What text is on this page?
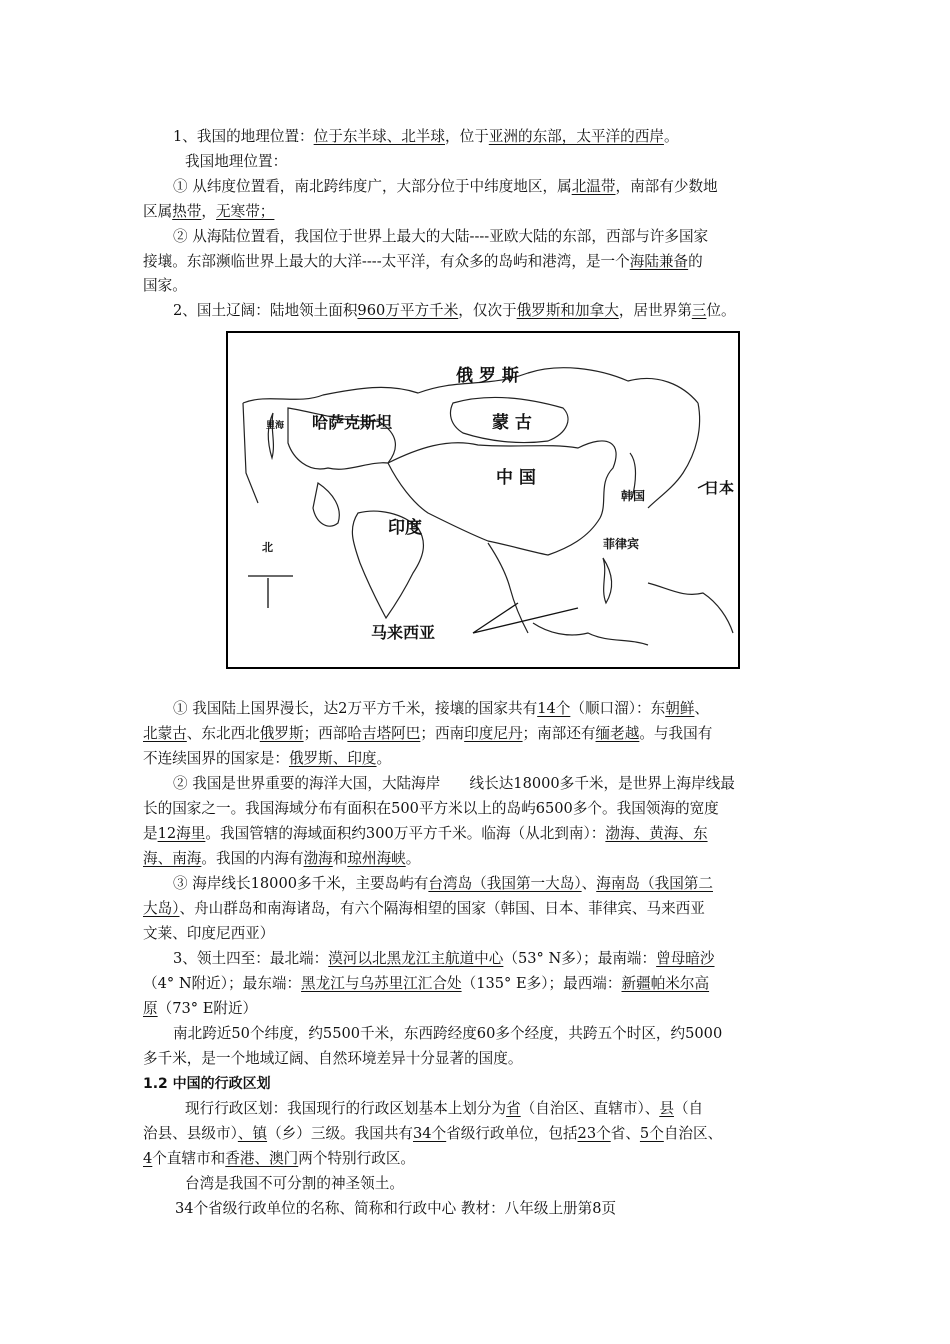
1、我国的地理位置：位于东半球、北半球，位于亚洲的东部，太平洋的西岸。
我国地理位置：
① 从纬度位置看，南北跨纬度广，大部分位于中纬度地区，属北温带，南部有少数地
区属热带，无寒带；
② 从海陆位置看，我国位于世界上最大的大陆----亚欧大陆的东部，西部与许多国家
接壤。东部濒临世界上最大的大洋----太平洋，有众多的岛屿和港湾，是一个海陆兼备的
国家。
2、国土辽阔：陆地领土面积960万平方千米，仅次于俄罗斯和加拿大，居世界第三位。
俄 罗 斯
哈萨克斯坦	蒙 古
中 国
里海
韩国	日本
印度
菲律宾
马来西亚
北
① 我国陆上国界漫长，达2万平方千米，接壤的国家共有14个（顺口溜）：东朝鲜、
北蒙古、东北西北俄罗斯；西部哈吉塔阿巴；西南印度尼丹；南部还有缅老越。与我国有
不连续国界的国家是：俄罗斯、印度。
② 我国是世界重要的海洋大国，大陆海岸　　线长达18000多千米，是世界上海岸线最
长的国家之一。我国海域分布有面积在500平方米以上的岛屿6500多个。我国领海的宽度
是12海里。我国管辖的海域面积约300万平方千米。临海（从北到南）：渤海、黄海、东
海、南海。我国的内海有渤海和琼州海峡。
③ 海岸线长18000多千米，主要岛屿有台湾岛（我国第一大岛）、海南岛（我国第二
大岛）、舟山群岛和南海诸岛，有六个隔海相望的国家（韩国、日本、菲律宾、马来西亚
文莱、印度尼西亚）
3、领土四至：最北端：漠河以北黑龙江主航道中心（53° N多）；最南端：曾母暗沙
（4° N附近）；最东端：黑龙江与乌苏里江汇合处（135° E多）；最西端：新疆帕米尔高
原（73° E附近）
南北跨近50个纬度，约5500千米，东西跨经度60多个经度，共跨五个时区，约5000
多千米，是一个地域辽阔、自然环境差异十分显著的国度。
1.2 中国的行政区划
现行行政区划：我国现行的行政区划基本上划分为省（自治区、直辖市）、县（自
治县、县级市）、镇（乡）三级。我国共有34个省级行政单位，包括23个省、5个自治区、
4个直辖市和香港、澳门两个特别行政区。
台湾是我国不可分割的神圣领土。
34个省级行政单位的名称、简称和行政中心 教材：八年级上册第8页
